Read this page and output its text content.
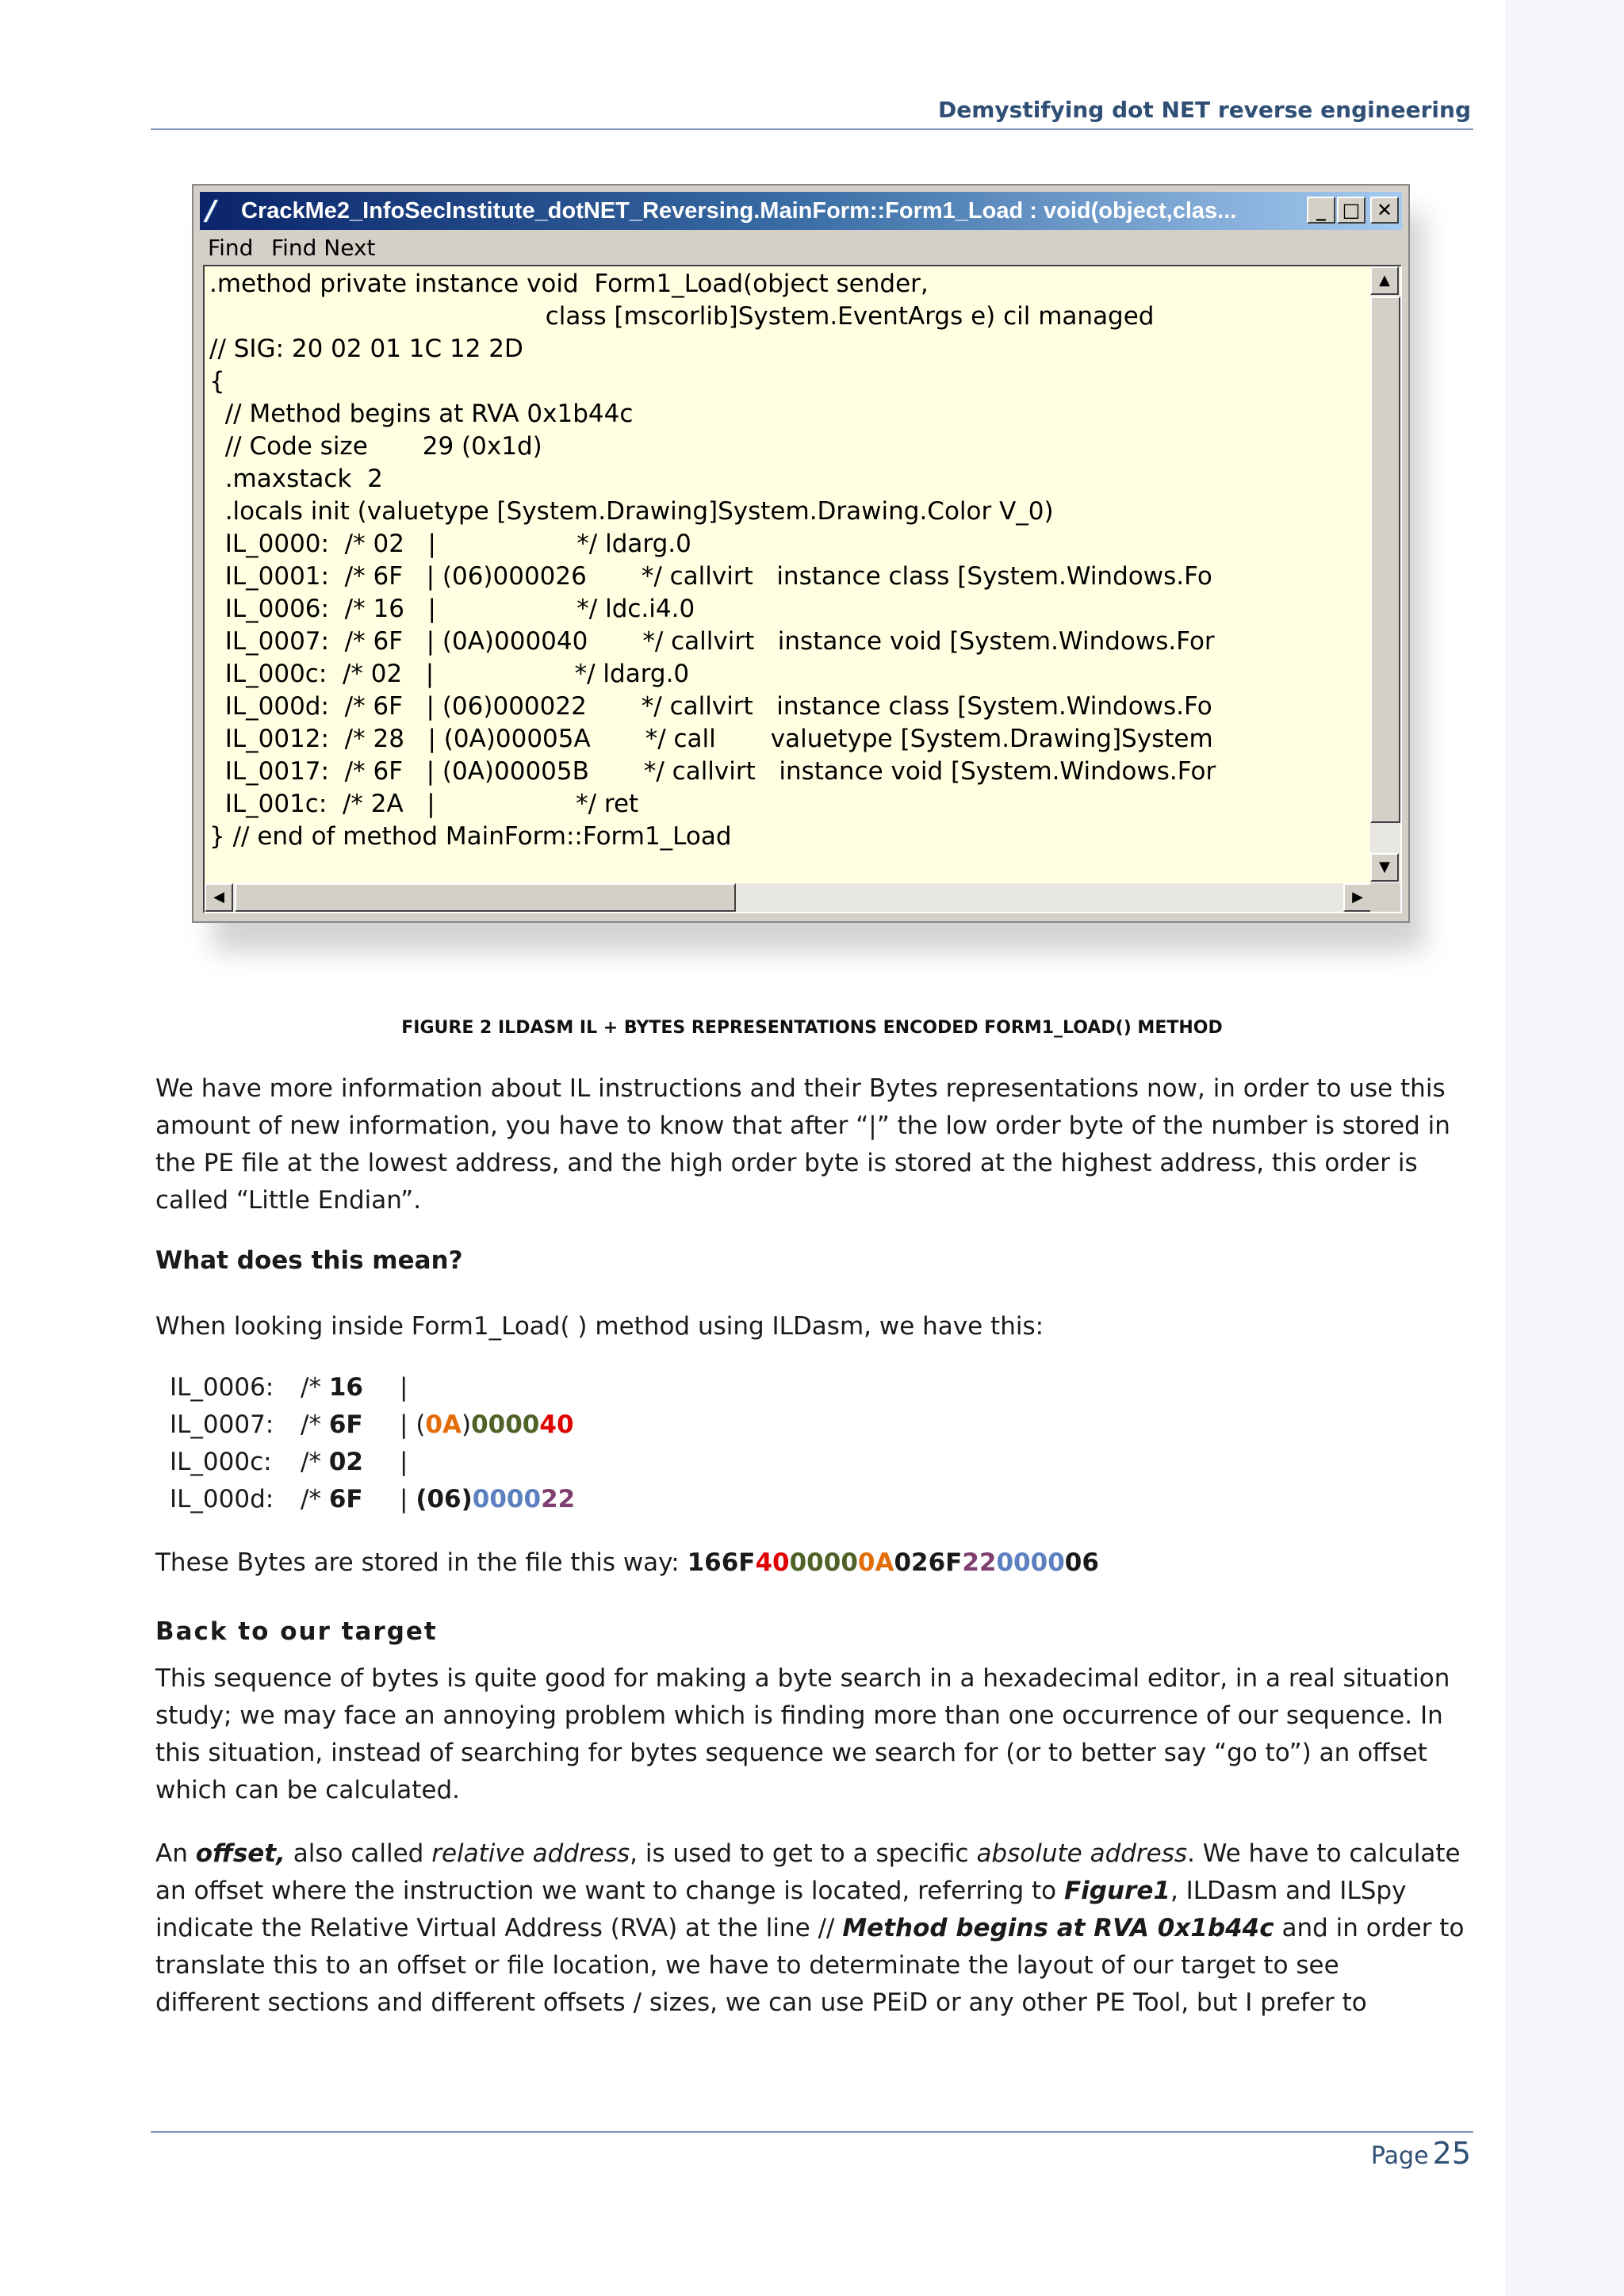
Demystifying dot NET reverse engineering
/	CrackMe2_InfoSecInstitute_dotNET_Reversing.MainForm::Form1_Load : void(object,clas...	_ □ ✕
Find Find Next
.method private instance void  Form1_Load(object sender,
class [mscorlib]System.EventArgs e) cil managed
// SIG: 20 02 01 1C 12 2D
{
// Method begins at RVA 0x1b44c
// Code size       29 (0x1d)
.maxstack  2
.locals init (valuetype [System.Drawing]System.Drawing.Color V_0)
IL_0000:  /* 02   |                  */ ldarg.0
IL_0001:  /* 6F   | (06)000026       */ callvirt   instance class [System.Windows.Fo
IL_0006:  /* 16   |                  */ ldc.i4.0
IL_0007:  /* 6F   | (0A)000040       */ callvirt   instance void [System.Windows.For
IL_000c:  /* 02   |                  */ ldarg.0
IL_000d:  /* 6F   | (06)000022       */ callvirt   instance class [System.Windows.Fo
IL_0012:  /* 28   | (0A)00005A       */ call       valuetype [System.Drawing]System
IL_0017:  /* 6F   | (0A)00005B       */ callvirt   instance void [System.Windows.For
IL_001c:  /* 2A   |                  */ ret
} // end of method MainForm::Form1_Load
▲
▼
◀	▶
FIGURE 2 ILDASM IL + BYTES REPRESENTATIONS ENCODED FORM1_LOAD() METHOD

We have more information about IL instructions and their Bytes representations now, in order to use this

amount of new information, you have to know that after “|” the low order byte of the number is stored in

the PE file at the lowest address, and the high order byte is stored at the highest address, this order is

called “Little Endian”.

What does this mean?

When looking inside Form1_Load( ) method using ILDasm, we have this:

IL_0006: /* 16 |
IL_0007: /* 6F | (0A)000040
IL_000c: /* 02 |
IL_000d: /* 6F | (06)000022

These Bytes are stored in the file this way: 166F4000000A026F22000006

Back to our target

This sequence of bytes is quite good for making a byte search in a hexadecimal editor, in a real situation

study; we may face an annoying problem which is finding more than one occurrence of our sequence. In

this situation, instead of searching for bytes sequence we search for (or to better say “go to”) an offset

which can be calculated.

An offset, also called relative address, is used to get to a specific absolute address. We have to calculate

an offset where the instruction we want to change is located, referring to Figure1, ILDasm and ILSpy

indicate the Relative Virtual Address (RVA) at the line // Method begins at RVA 0x1b44c and in order to

translate this to an offset or file location, we have to determinate the layout of our target to see

different sections and different offsets / sizes, we can use PEiD or any other PE Tool, but I prefer to

Page 25
